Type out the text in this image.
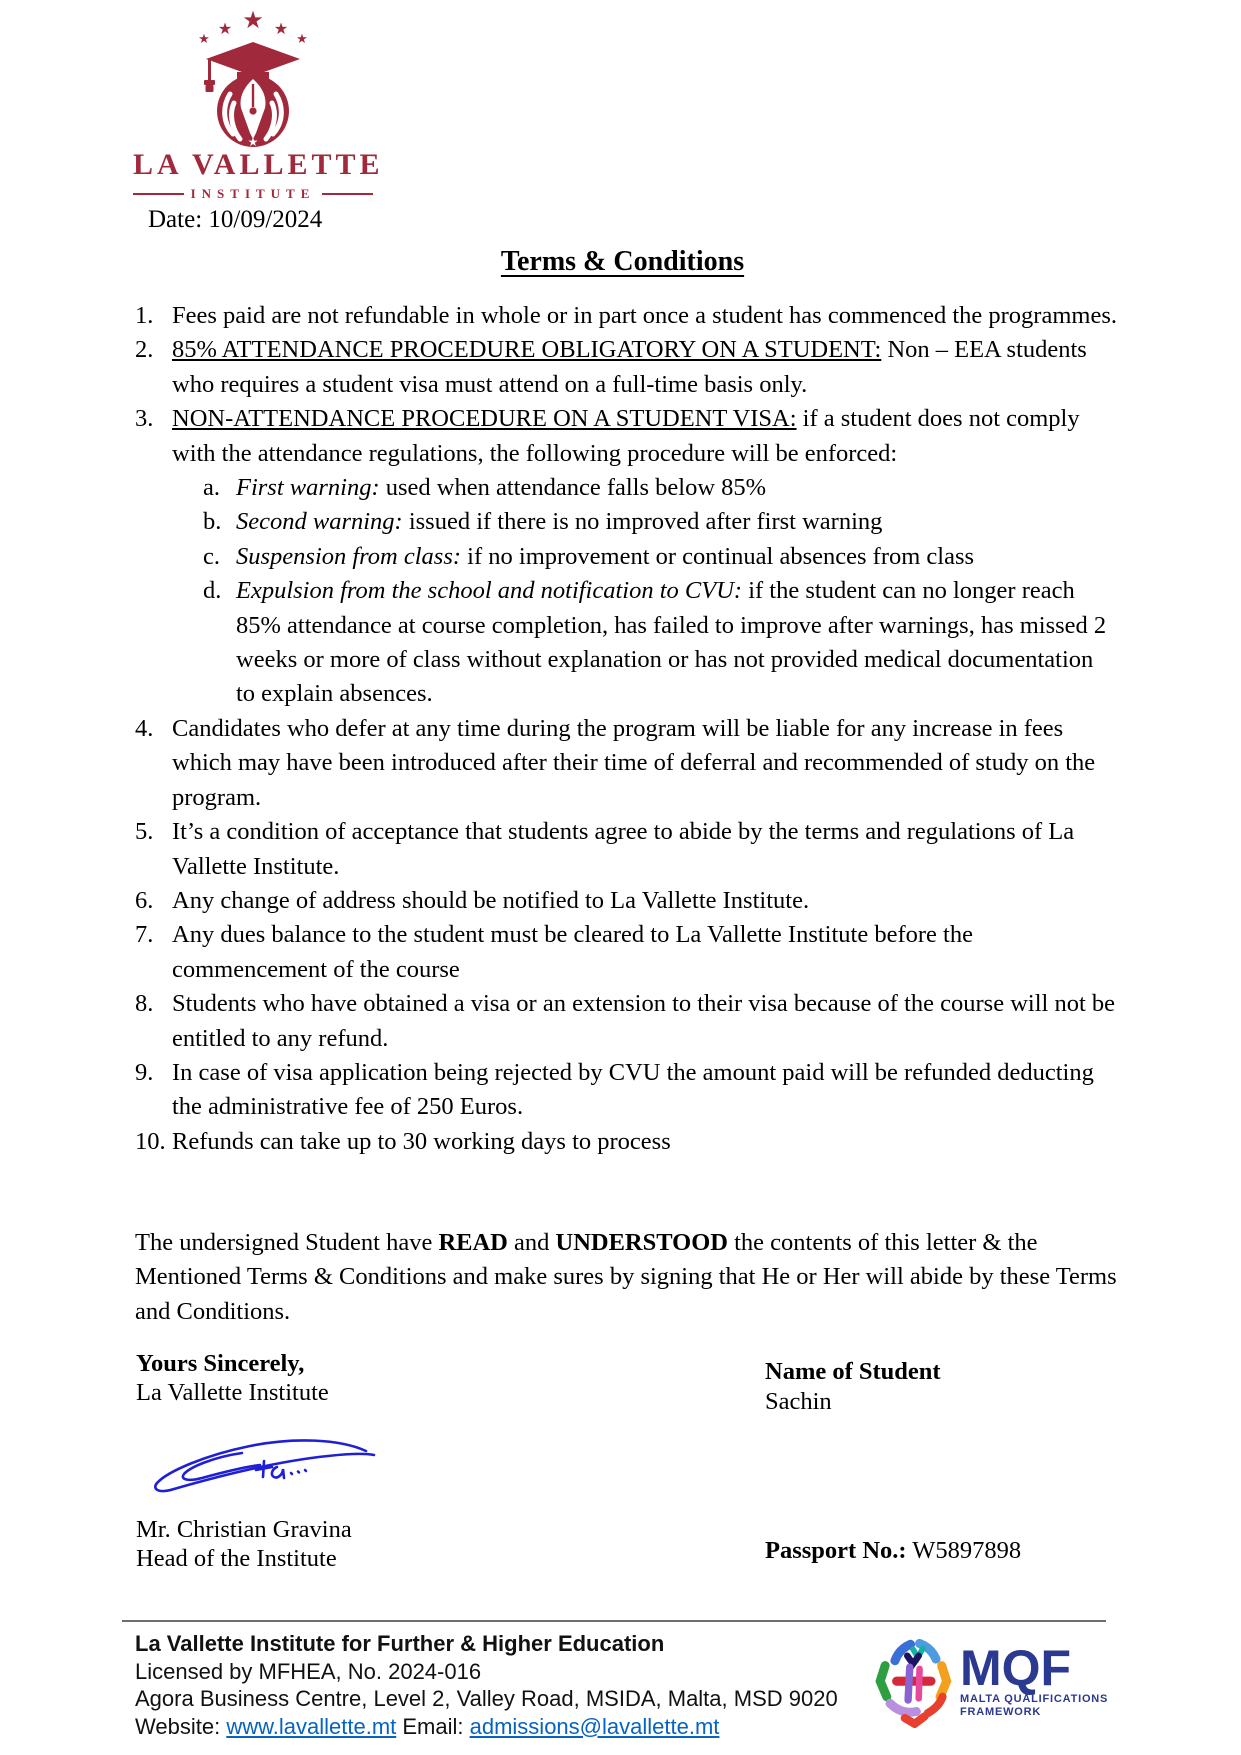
★
★	★
★	★
★
LA VALLETTE
INSTITUTE
Date: 10/09/2024
Terms & Conditions
1. Fees paid are not refundable in whole or in part once a student has commenced the programmes.
2. 85% ATTENDANCE PROCEDURE OBLIGATORY ON A STUDENT: Non – EEA students who requires a student visa must attend on a full-time basis only.
3. NON-ATTENDANCE PROCEDURE ON A STUDENT VISA: if a student does not comply with the attendance regulations, the following procedure will be enforced:
a. First warning: used when attendance falls below 85%
b. Second warning: issued if there is no improved after first warning
c. Suspension from class: if no improvement or continual absences from class
d. Expulsion from the school and notification to CVU: if the student can no longer reach 85% attendance at course completion, has failed to improve after warnings, has missed 2 weeks or more of class without explanation or has not provided medical documentation to explain absences.
4. Candidates who defer at any time during the program will be liable for any increase in fees which may have been introduced after their time of deferral and recommended of study on the program.
5. It’s a condition of acceptance that students agree to abide by the terms and regulations of La Vallette Institute.
6. Any change of address should be notified to La Vallette Institute.
7. Any dues balance to the student must be cleared to La Vallette Institute before the commencement of the course
8. Students who have obtained a visa or an extension to their visa because of the course will not be entitled to any refund.
9. In case of visa application being rejected by CVU the amount paid will be refunded deducting the administrative fee of 250 Euros.
10. Refunds can take up to 30 working days to process
The undersigned Student have READ and UNDERSTOOD the contents of this letter & the Mentioned Terms & Conditions and make sures by signing that He or Her will abide by these Terms and Conditions.
Yours Sincerely,
La Vallette Institute
Mr. Christian Gravina
Head of the Institute
Name of Student
Sachin
Passport No.: W5897898
La Vallette Institute for Further & Higher Education
Licensed by MFHEA, No. 2024-016
Agora Business Centre, Level 2, Valley Road, MSIDA, Malta, MSD 9020
Website: www.lavallette.mt Email: admissions@lavallette.mt
MQF
MALTA QUALIFICATIONS
FRAMEWORK
